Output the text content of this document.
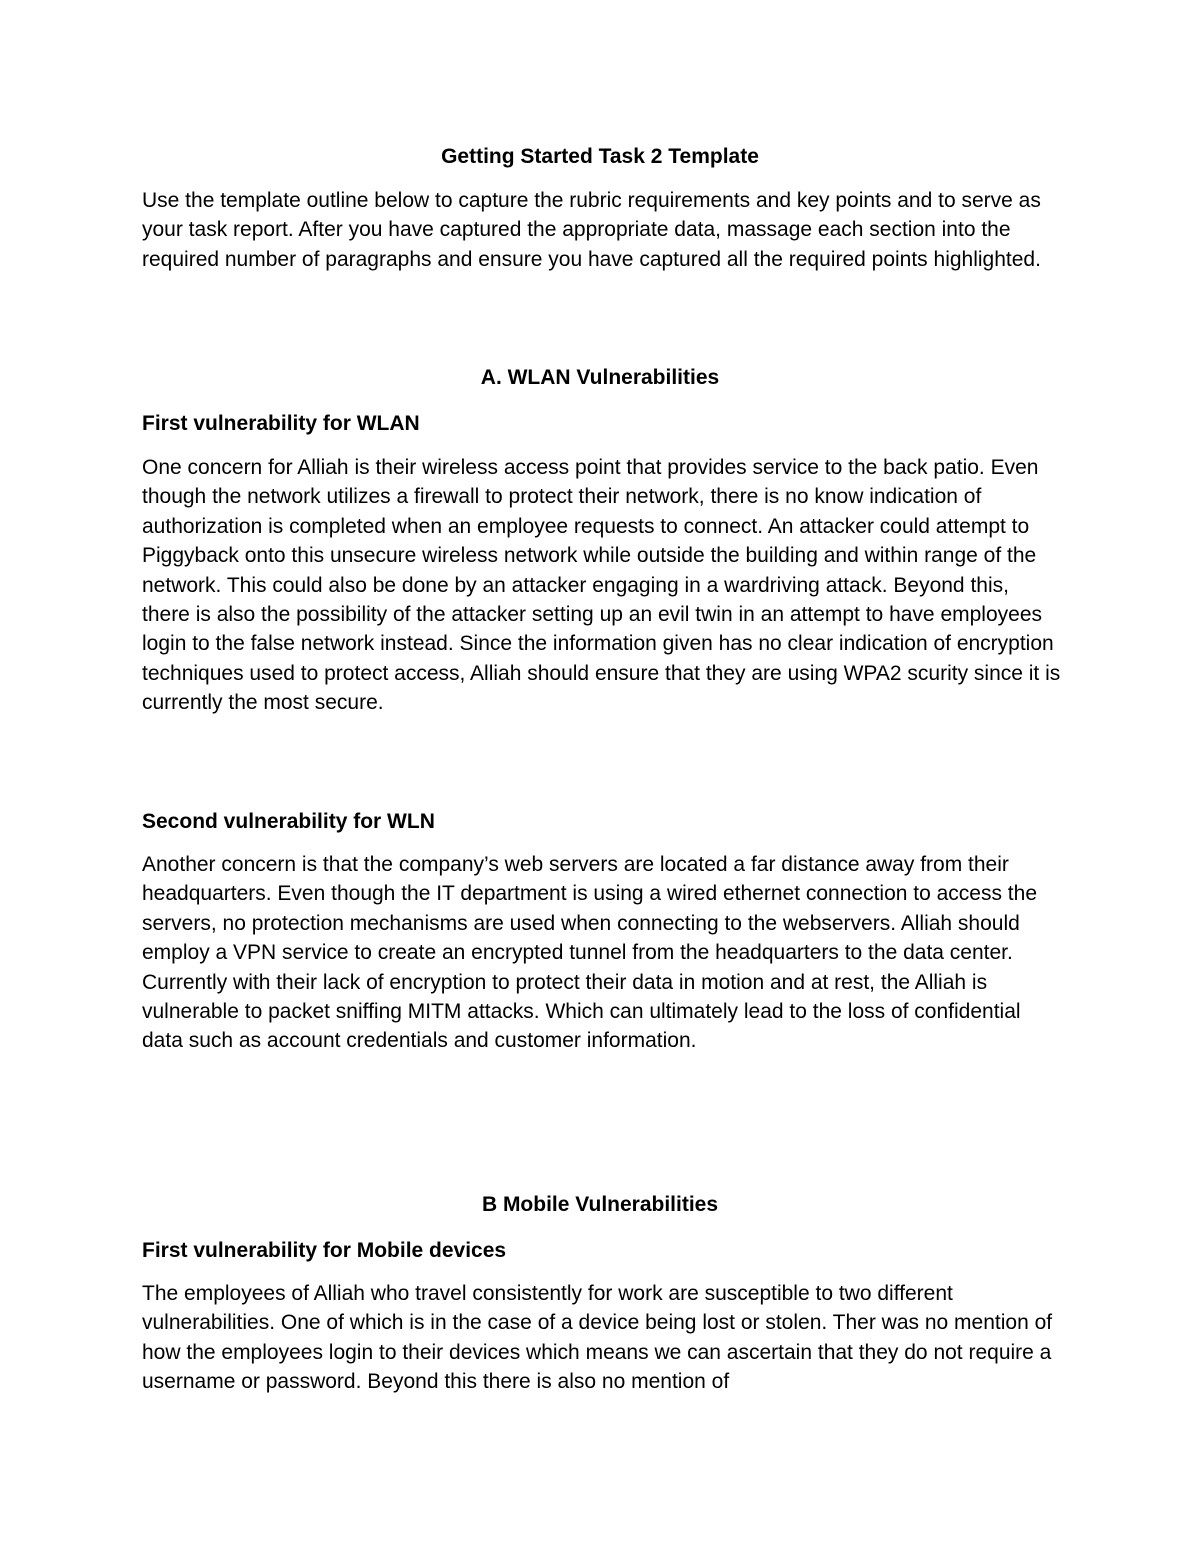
Getting Started Task 2 Template

Use the template outline below to capture the rubric requirements and key points and to serve as your task report. After you have captured the appropriate data, massage each section into the required number of paragraphs and ensure you have captured all the required points highlighted.

A. WLAN Vulnerabilities

First vulnerability for WLAN

One concern for Alliah is their wireless access point that provides service to the back patio. Even though the network utilizes a firewall to protect their network, there is no know indication of authorization is completed when an employee requests to connect. An attacker could attempt to Piggyback onto this unsecure wireless network while outside the building and within range of the network. This could also be done by an attacker engaging in a wardriving attack. Beyond this, there is also the possibility of the attacker setting up an evil twin in an attempt to have employees login to the false network instead. Since the information given has no clear indication of encryption techniques used to protect access, Alliah should ensure that they are using WPA2 scurity since it is currently the most secure.

Second vulnerability for WLN

Another concern is that the company’s web servers are located a far distance away from their headquarters. Even though the IT department is using a wired ethernet connection to access the servers, no protection mechanisms are used when connecting to the webservers. Alliah should employ a VPN service to create an encrypted tunnel from the headquarters to the data center. Currently with their lack of encryption to protect their data in motion and at rest, the Alliah is vulnerable to packet sniffing MITM attacks. Which can ultimately lead to the loss of confidential data such as account credentials and customer information.

B Mobile Vulnerabilities

First vulnerability for Mobile devices

The employees of Alliah who travel consistently for work are susceptible to two different vulnerabilities. One of which is in the case of a device being lost or stolen. Ther was no mention of how the employees login to their devices which means we can ascertain that they do not require a username or password. Beyond this there is also no mention of
